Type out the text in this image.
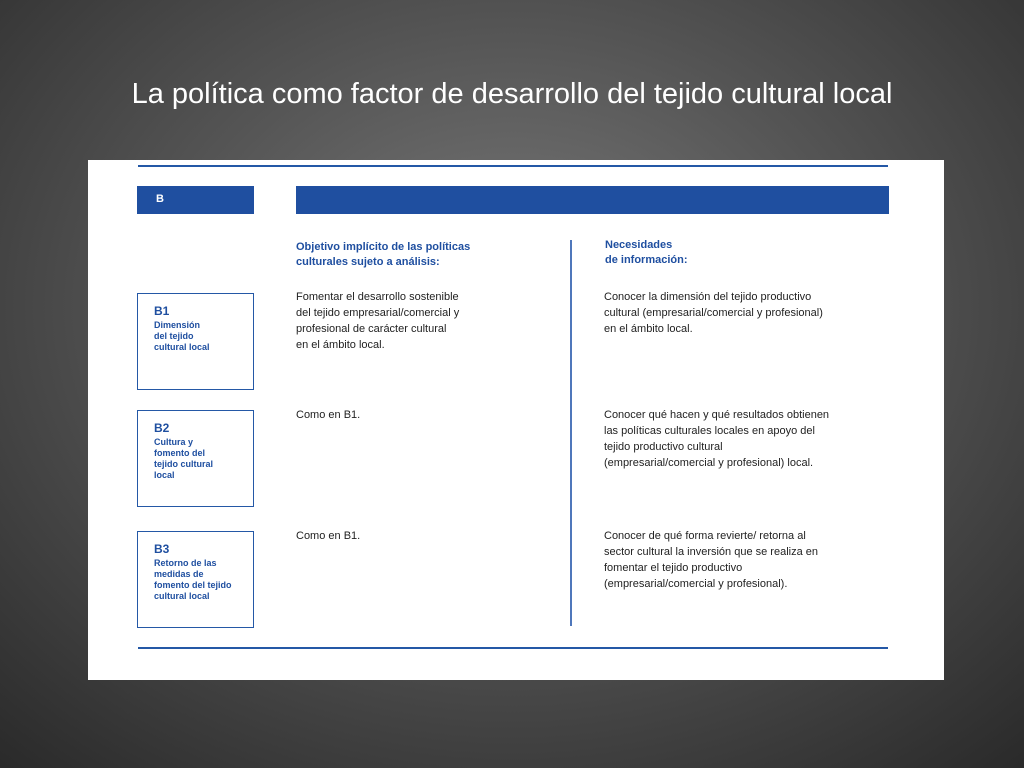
La política como factor de desarrollo del tejido cultural local
B
Objetivo implícito de las políticas
culturales sujeto a análisis:
Necesidades
de información:
B1
Dimensión
del tejido
cultural local
Fomentar el desarrollo sostenible
del tejido empresarial/comercial y
profesional de carácter cultural
en el ámbito local.
Conocer la dimensión del tejido productivo
cultural (empresarial/comercial y profesional)
en el ámbito local.
B2
Cultura y
fomento del
tejido cultural
local
Como en B1.	Conocer qué hacen y qué resultados obtienen
las políticas culturales locales en apoyo del
tejido productivo cultural
(empresarial/comercial y profesional) local.
B3
Retorno de las
medidas de
fomento del tejido
cultural local
Como en B1.	Conocer de qué forma revierte/ retorna al
sector cultural la inversión que se realiza en
fomentar el tejido productivo
(empresarial/comercial y profesional).
